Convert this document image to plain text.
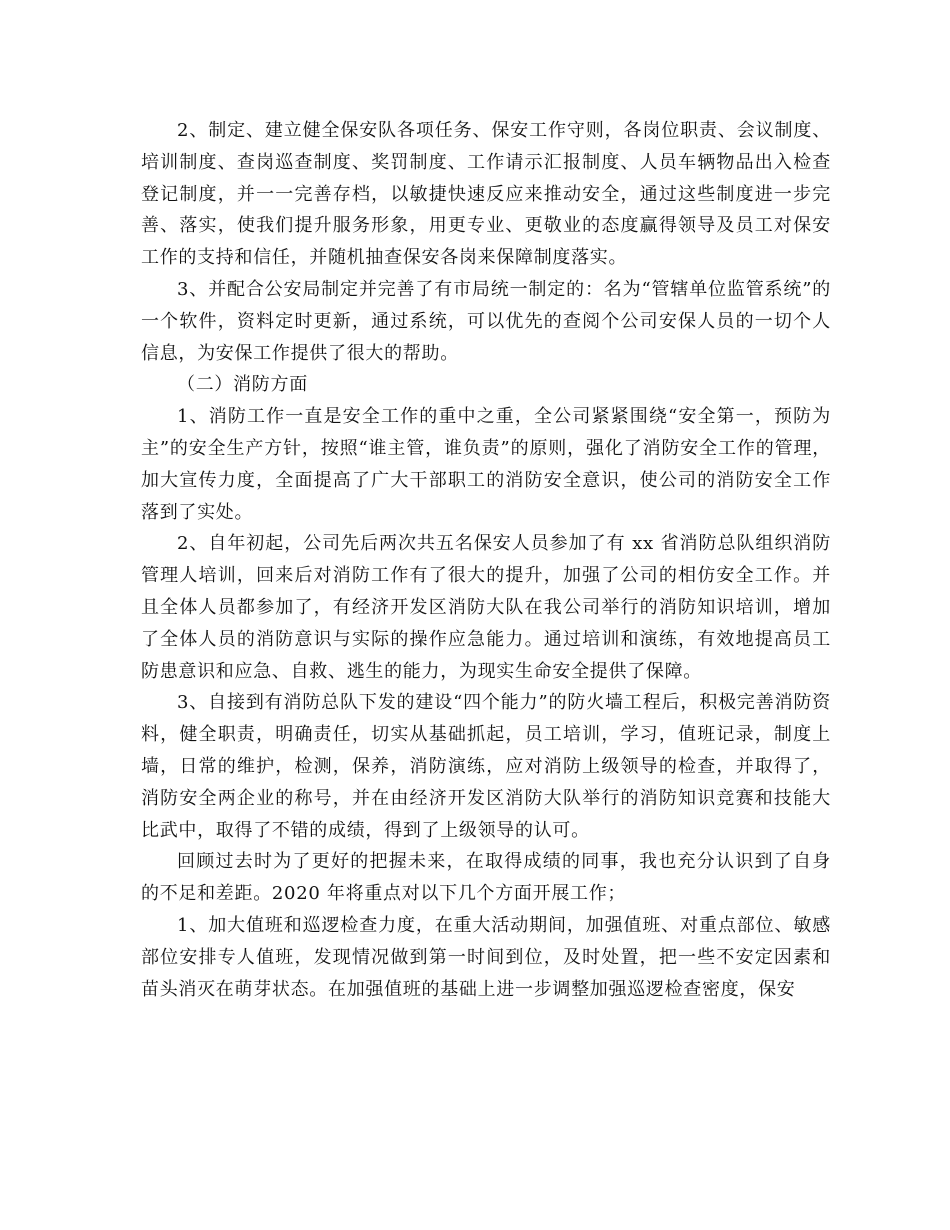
2、制定、建立健全保安队各项任务、保安工作守则，各岗位职责、会议制度、培训制度、查岗巡查制度、奖罚制度、工作请示汇报制度、人员车辆物品出入检查登记制度，并一一完善存档，以敏捷快速反应来推动安全，通过这些制度进一步完善、落实，使我们提升服务形象，用更专业、更敬业的态度赢得领导及员工对保安工作的支持和信任，并随机抽查保安各岗来保障制度落实。

3、并配合公安局制定并完善了有市局统一制定的：名为“管辖单位监管系统”的一个软件，资料定时更新，通过系统，可以优先的查阅个公司安保人员的一切个人信息，为安保工作提供了很大的帮助。

（二）消防方面

1、消防工作一直是安全工作的重中之重，全公司紧紧围绕“安全第一，预防为主”的安全生产方针，按照“谁主管，谁负责”的原则，强化了消防安全工作的管理，加大宣传力度，全面提高了广大干部职工的消防安全意识，使公司的消防安全工作落到了实处。

2、自年初起，公司先后两次共五名保安人员参加了有 xx 省消防总队组织消防管理人培训，回来后对消防工作有了很大的提升，加强了公司的相仿安全工作。并且全体人员都参加了，有经济开发区消防大队在我公司举行的消防知识培训，增加了全体人员的消防意识与实际的操作应急能力。通过培训和演练，有效地提高员工防患意识和应急、自救、逃生的能力，为现实生命安全提供了保障。

3、自接到有消防总队下发的建设“四个能力”的防火墙工程后，积极完善消防资料，健全职责，明确责任，切实从基础抓起，员工培训，学习，值班记录，制度上墙，日常的维护，检测，保养，消防演练，应对消防上级领导的检查，并取得了，消防安全两企业的称号，并在由经济开发区消防大队举行的消防知识竞赛和技能大比武中，取得了不错的成绩，得到了上级领导的认可。

回顾过去时为了更好的把握未来，在取得成绩的同事，我也充分认识到了自身的不足和差距。2020 年将重点对以下几个方面开展工作；

1、加大值班和巡逻检查力度，在重大活动期间，加强值班、对重点部位、敏感部位安排专人值班，发现情况做到第一时间到位，及时处置，把一些不安定因素和苗头消灭在萌芽状态。在加强值班的基础上进一步调整加强巡逻检查密度，保安
